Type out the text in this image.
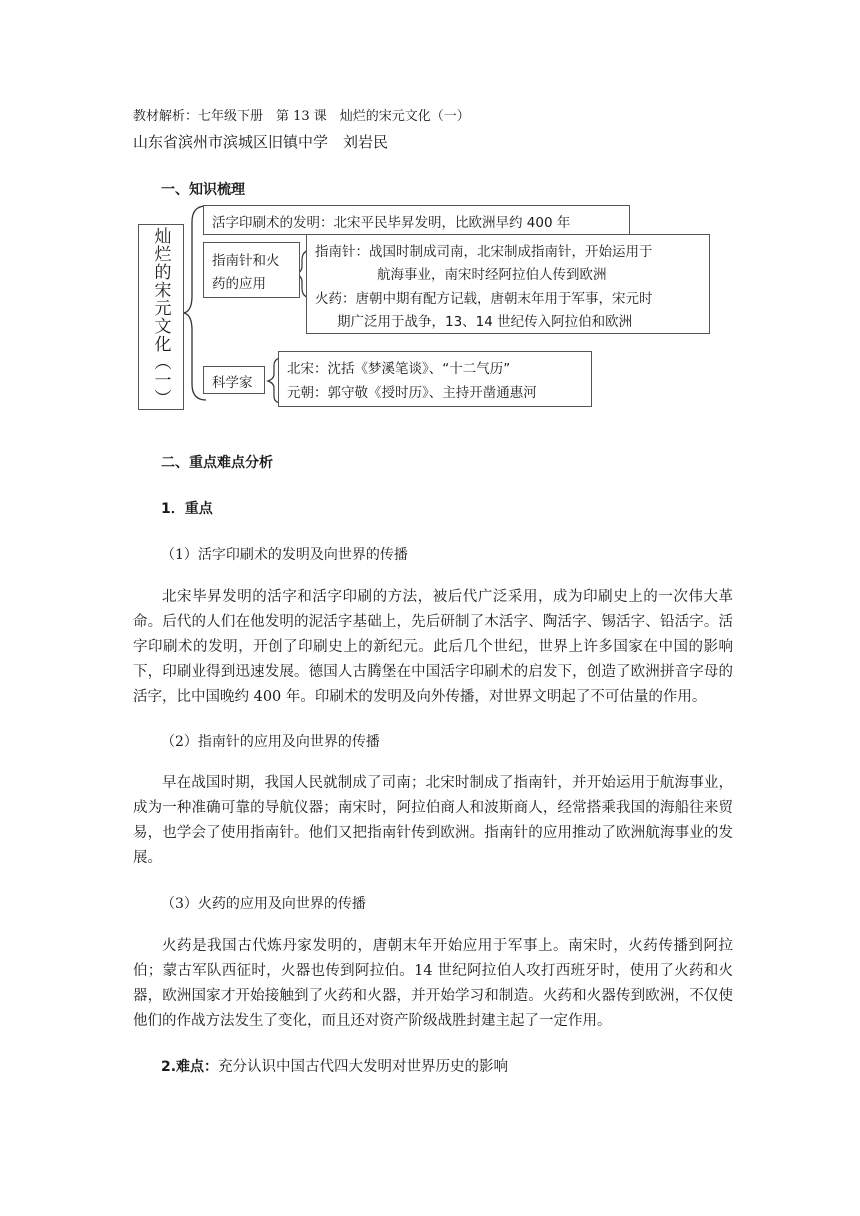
教材解析：七年级下册　第 13 课　灿烂的宋元文化（一）
山东省滨州市滨城区旧镇中学　刘岩民
一、知识梳理
灿烂的宋元文化（一）
活字印刷术的发明：北宋平民毕昇发明，比欧洲早约 400 年
指南针和火
药的应用
指南针：战国时制成司南，北宋制成指南针，开始运用于
航海事业，南宋时经阿拉伯人传到欧洲
火药：唐朝中期有配方记载，唐朝末年用于军事，宋元时
期广泛用于战争，13、14 世纪传入阿拉伯和欧洲
科学家
北宋：沈括《梦溪笔谈》、“十二气历”
元朝：郭守敬《授时历》、主持开凿通惠河
二、重点难点分析
1．重点
（1）活字印刷术的发明及向世界的传播
北宋毕昇发明的活字和活字印刷的方法，被后代广泛采用，成为印刷史上的一次伟大革命。后代的人们在他发明的泥活字基础上，先后研制了木活字、陶活字、锡活字、铅活字。活字印刷术的发明，开创了印刷史上的新纪元。此后几个世纪，世界上许多国家在中国的影响下，印刷业得到迅速发展。德国人古腾堡在中国活字印刷术的启发下，创造了欧洲拼音字母的活字，比中国晚约 400 年。印刷术的发明及向外传播，对世界文明起了不可估量的作用。
（2）指南针的应用及向世界的传播
早在战国时期，我国人民就制成了司南；北宋时制成了指南针，并开始运用于航海事业，成为一种准确可靠的导航仪器；南宋时，阿拉伯商人和波斯商人，经常搭乘我国的海船往来贸易，也学会了使用指南针。他们又把指南针传到欧洲。指南针的应用推动了欧洲航海事业的发展。
（3）火药的应用及向世界的传播
火药是我国古代炼丹家发明的，唐朝末年开始应用于军事上。南宋时，火药传播到阿拉伯；蒙古军队西征时，火器也传到阿拉伯。14 世纪阿拉伯人攻打西班牙时，使用了火药和火器，欧洲国家才开始接触到了火药和火器，并开始学习和制造。火药和火器传到欧洲，不仅使他们的作战方法发生了变化，而且还对资产阶级战胜封建主起了一定作用。
2.难点：充分认识中国古代四大发明对世界历史的影响
